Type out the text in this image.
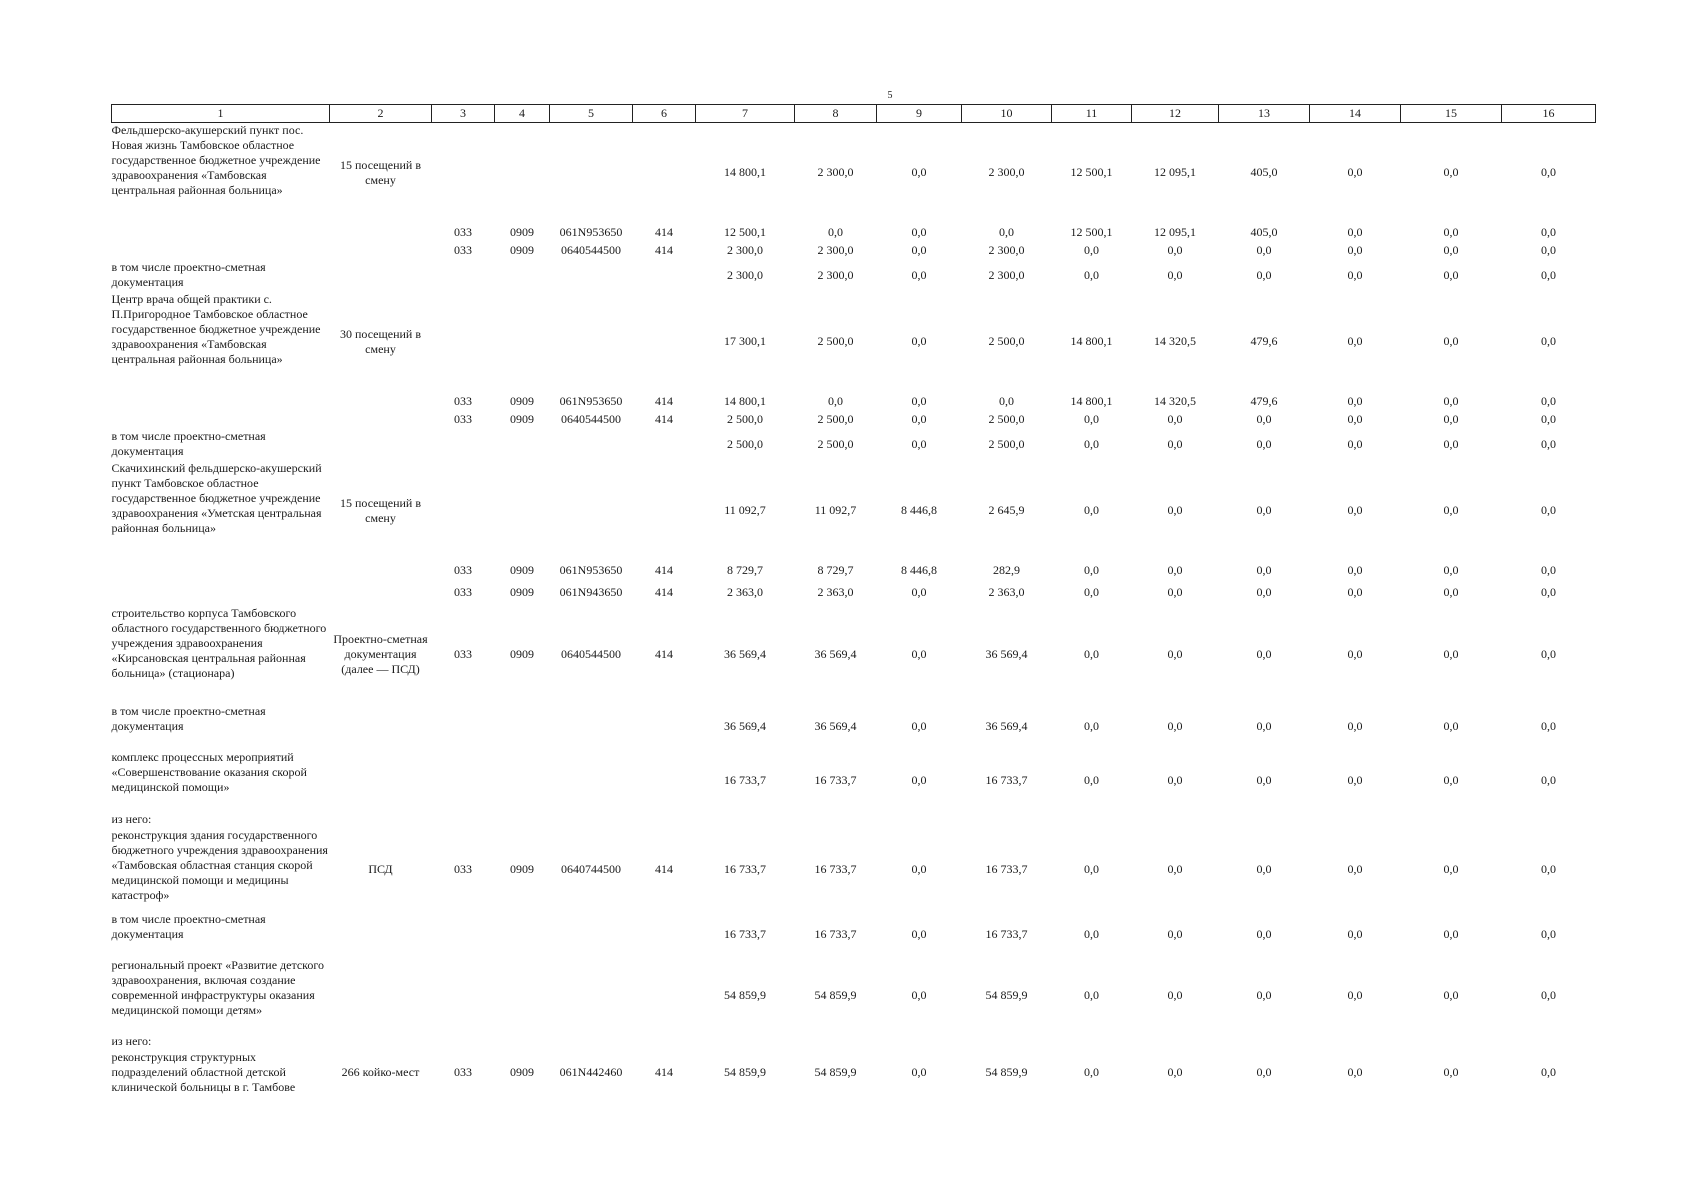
5
1	2	3	4	5	6	7	8	9	10	11	12	13	14	15	16
Фельдшерско-акушерский пункт пос. Новая жизнь Тамбовское областное государственное бюджетное учреждение здравоохранения «Тамбовская центральная районная больница»	15 посещений в смену					14 800,1	2 300,0	0,0	2 300,0	12 500,1	12 095,1	405,0	0,0	0,0	0,0
		033	0909	061N953650	414	12 500,1	0,0	0,0	0,0	12 500,1	12 095,1	405,0	0,0	0,0	0,0
		033	0909	0640544500	414	2 300,0	2 300,0	0,0	2 300,0	0,0	0,0	0,0	0,0	0,0	0,0
в том числе проектно-сметная документация						2 300,0	2 300,0	0,0	2 300,0	0,0	0,0	0,0	0,0	0,0	0,0
Центр врача общей практики с. П.Пригородное Тамбовское областное государственное бюджетное учреждение здравоохранения «Тамбовская центральная районная больница»	30 посещений в смену					17 300,1	2 500,0	0,0	2 500,0	14 800,1	14 320,5	479,6	0,0	0,0	0,0
		033	0909	061N953650	414	14 800,1	0,0	0,0	0,0	14 800,1	14 320,5	479,6	0,0	0,0	0,0
		033	0909	0640544500	414	2 500,0	2 500,0	0,0	2 500,0	0,0	0,0	0,0	0,0	0,0	0,0
в том числе проектно-сметная документация						2 500,0	2 500,0	0,0	2 500,0	0,0	0,0	0,0	0,0	0,0	0,0
Скачихинский фельдшерско-акушерский пункт Тамбовское областное государственное бюджетное учреждение здравоохранения «Уметская центральная районная больница»	15 посещений в смену					11 092,7	11 092,7	8 446,8	2 645,9	0,0	0,0	0,0	0,0	0,0	0,0
		033	0909	061N953650	414	8 729,7	8 729,7	8 446,8	282,9	0,0	0,0	0,0	0,0	0,0	0,0
		033	0909	061N943650	414	2 363,0	2 363,0	0,0	2 363,0	0,0	0,0	0,0	0,0	0,0	0,0
строительство корпуса Тамбовского областного государственного бюджетного учреждения здравоохранения «Кирсановская центральная районная больница» (стационара)	Проектно-сметная документация (далее — ПСД)	033	0909	0640544500	414	36 569,4	36 569,4	0,0	36 569,4	0,0	0,0	0,0	0,0	0,0	0,0
в том числе проектно-сметная документация						36 569,4	36 569,4	0,0	36 569,4	0,0	0,0	0,0	0,0	0,0	0,0
комплекс процессных мероприятий «Совершенствование оказания скорой медицинской помощи»						16 733,7	16 733,7	0,0	16 733,7	0,0	0,0	0,0	0,0	0,0	0,0
из него:															
реконструкция здания государственного бюджетного учреждения здравоохранения «Тамбовская областная станция скорой медицинской помощи и медицины катастроф»	ПСД	033	0909	0640744500	414	16 733,7	16 733,7	0,0	16 733,7	0,0	0,0	0,0	0,0	0,0	0,0
в том числе проектно-сметная документация						16 733,7	16 733,7	0,0	16 733,7	0,0	0,0	0,0	0,0	0,0	0,0
региональный проект «Развитие детского здравоохранения, включая создание современной инфраструктуры оказания медицинской помощи детям»						54 859,9	54 859,9	0,0	54 859,9	0,0	0,0	0,0	0,0	0,0	0,0
из него:															
реконструкция структурных подразделений областной детской клинической больницы в г. Тамбове	266 койко-мест	033	0909	061N442460	414	54 859,9	54 859,9	0,0	54 859,9	0,0	0,0	0,0	0,0	0,0	0,0
